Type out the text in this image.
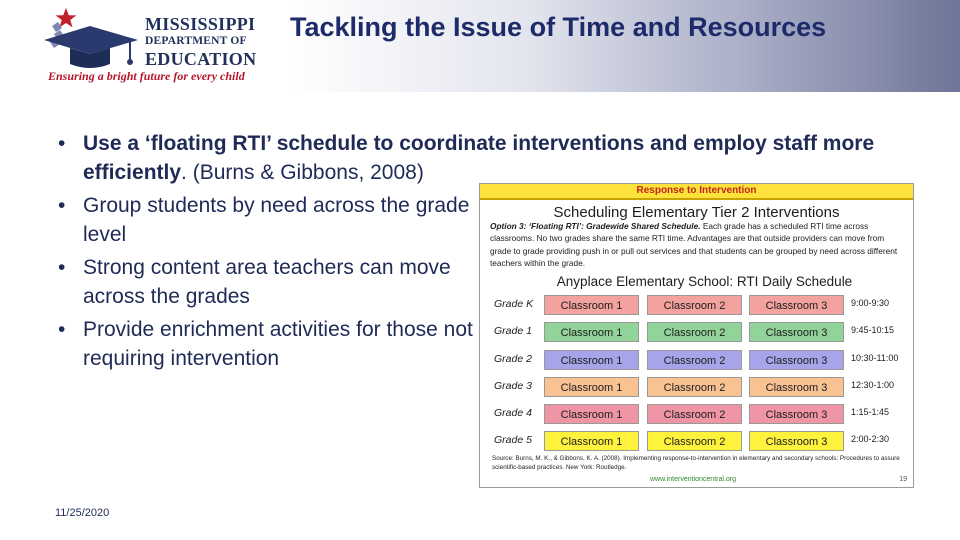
MISSISSIPPI
DEPARTMENT OF
EDUCATION
Ensuring a bright future for every child
Tackling the Issue of Time and Resources
• Use a ‘floating RTI’ schedule to coordinate interventions and employ staff more efficiently. (Burns & Gibbons, 2008)
• Group students by need across the grade level
• Strong content area teachers can move across the grades
• Provide enrichment activities for those not requiring intervention
11/25/2020
Response to Intervention
Scheduling Elementary Tier 2 Interventions
Option 3: ‘Floating RTI’: Gradewide Shared Schedule. Each grade has a scheduled RTI time across classrooms. No two grades share the same RTI time. Advantages are that outside providers can move from grade to grade providing push in or pull out services and that students can be grouped by need across different teachers within the grade.
Anyplace Elementary School: RTI Daily Schedule
Grade K	Classroom 1	Classroom 2	Classroom 3	9:00-9:30
Grade 1	Classroom 1	Classroom 2	Classroom 3	9:45-10:15
Grade 2	Classroom 1	Classroom 2	Classroom 3	10:30-11:00
Grade 3	Classroom 1	Classroom 2	Classroom 3	12:30-1:00
Grade 4	Classroom 1	Classroom 2	Classroom 3	1:15-1:45
Grade 5	Classroom 1	Classroom 2	Classroom 3	2:00-2:30
Source: Burns, M. K., & Gibbons, K. A. (2008). Implementing response-to-intervention in elementary and secondary schools: Procedures to assure scientific-based practices. New York: Routledge.
www.interventioncentral.org	19
